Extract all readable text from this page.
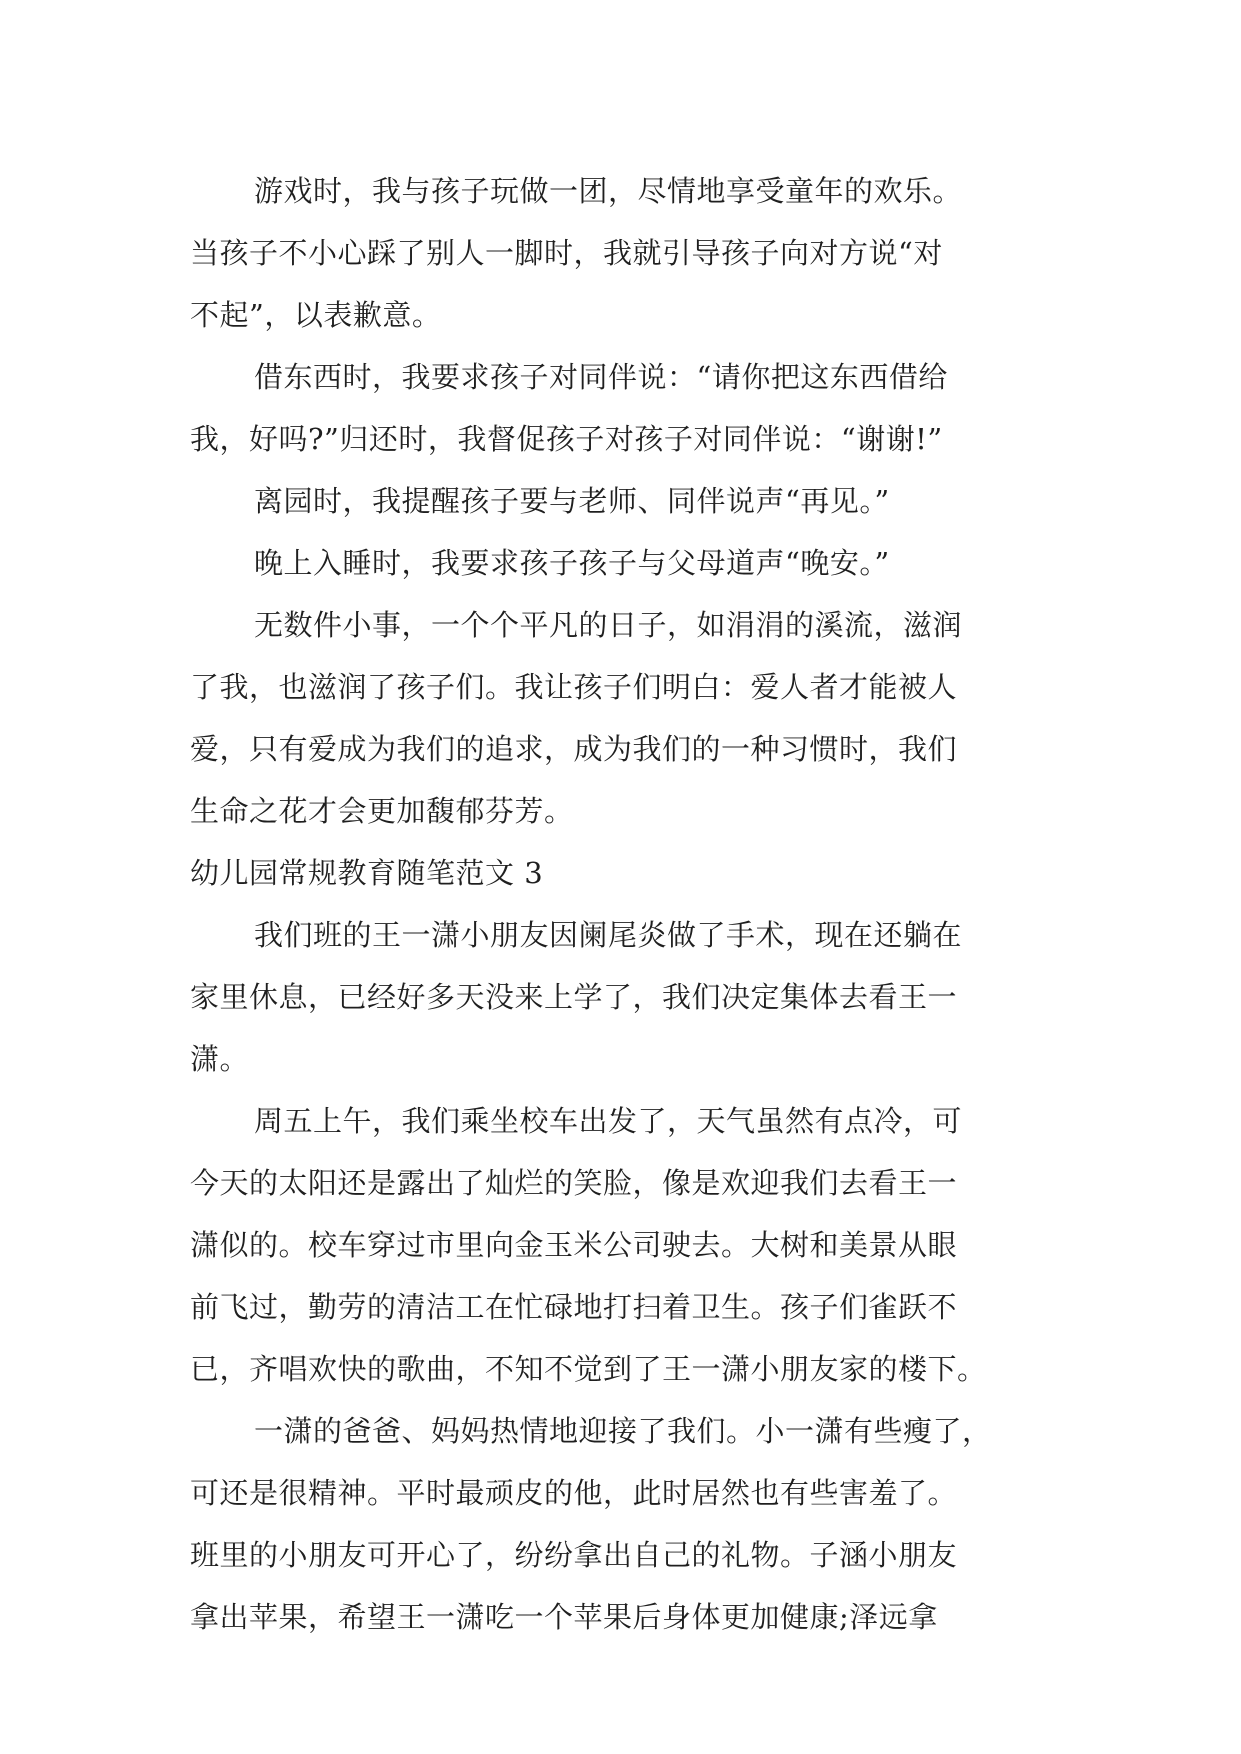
游戏时，我与孩子玩做一团，尽情地享受童年的欢乐。
当孩子不小心踩了别人一脚时，我就引导孩子向对方说“对
不起”，以表歉意。
借东西时，我要求孩子对同伴说：“请你把这东西借给
我，好吗?”归还时，我督促孩子对孩子对同伴说：“谢谢!”
离园时，我提醒孩子要与老师、同伴说声“再见。”
晚上入睡时，我要求孩子孩子与父母道声“晚安。”
无数件小事，一个个平凡的日子，如涓涓的溪流，滋润
了我，也滋润了孩子们。我让孩子们明白：爱人者才能被人
爱，只有爱成为我们的追求，成为我们的一种习惯时，我们
生命之花才会更加馥郁芬芳。
幼儿园常规教育随笔范文 3
我们班的王一潇小朋友因阑尾炎做了手术，现在还躺在
家里休息，已经好多天没来上学了，我们决定集体去看王一
潇。
周五上午，我们乘坐校车出发了，天气虽然有点冷，可
今天的太阳还是露出了灿烂的笑脸，像是欢迎我们去看王一
潇似的。校车穿过市里向金玉米公司驶去。大树和美景从眼
前飞过，勤劳的清洁工在忙碌地打扫着卫生。孩子们雀跃不
已，齐唱欢快的歌曲，不知不觉到了王一潇小朋友家的楼下。
一潇的爸爸、妈妈热情地迎接了我们。小一潇有些瘦了，
可还是很精神。平时最顽皮的他，此时居然也有些害羞了。
班里的小朋友可开心了，纷纷拿出自己的礼物。子涵小朋友
拿出苹果，希望王一潇吃一个苹果后身体更加健康;泽远拿
